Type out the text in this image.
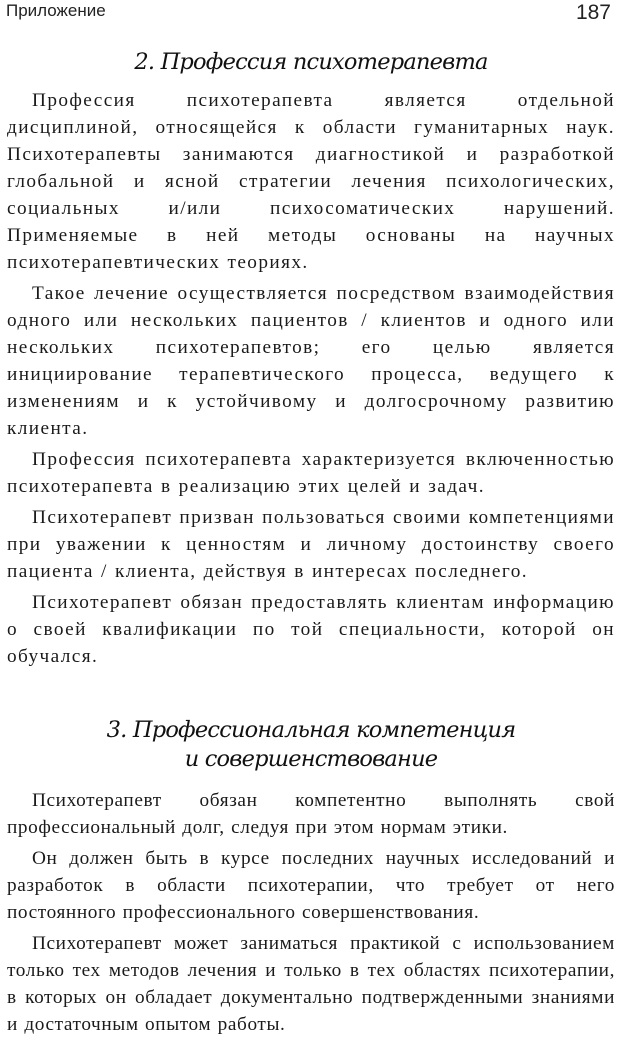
Приложение	187
2. Профессия психотерапевта

Профессия психотерапевта является отдельной дисциплиной, относящейся к области гуманитарных наук. Психотерапевты занимаются диагностикой и разработкой глобальной и ясной стратегии лечения психологических, социальных и/или психосоматических нарушений. Применяемые в ней методы основаны на научных психотерапевтических теориях.

Такое лечение осуществляется посредством взаимодействия одного или нескольких пациентов / клиентов и одного или нескольких психотерапевтов; его целью является инициирование терапевтического процесса, ведущего к изменениям и к устойчивому и долгосрочному развитию клиента.

Профессия психотерапевта характеризуется включенностью психотерапевта в реализацию этих целей и задач.

Психотерапевт призван пользоваться своими компетенциями при уважении к ценностям и личному достоинству своего пациента / клиента, действуя в интересах последнего.

Психотерапевт обязан предоставлять клиентам информацию о своей квалификации по той специальности, которой он обучался.

3. Профессиональная компетенция
и совершенствование

Психотерапевт обязан компетентно выполнять свой профессиональный долг, следуя при этом нормам этики.

Он должен быть в курсе последних научных исследований и разработок в области психотерапии, что требует от него постоянного профессионального совершенствования.

Психотерапевт может заниматься практикой с использованием только тех методов лечения и только в тех областях психотерапии, в которых он обладает документально подтвержденными знаниями и достаточным опытом работы.
